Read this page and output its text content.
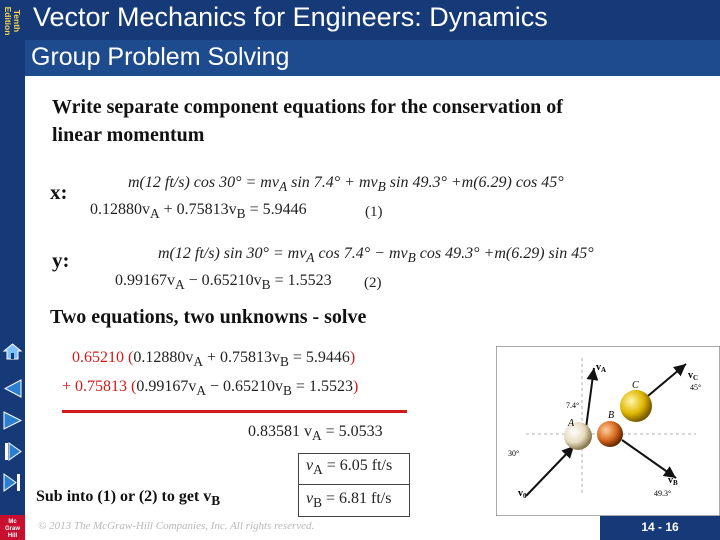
Tenth Edition
Mc
Graw
Hill
Vector Mechanics for Engineers: Dynamics
Group Problem Solving
Write separate component equations for the conservation of
linear momentum
x:	m(12 ft/s) $\cos 30^\circ = mv_A$ $\sin 7.4^\circ + mv_B$ sin 49.3° +m(6.29) cos 45°
$0.12880v_A + 0.75813v_B = 5.9446$	(1)
y:	m(12 ft/s) $\sin 30^\circ = mv_A$ $\cos 7.4^\circ - mv_B$ cos 49.3° +m(6.29) sin 45°
$0.99167v_A - 0.65210v_B = 1.5523$ (2)
Two equations, two unknowns - solve
0.65210 $(0.12880v_A + 0.75813v_B = 5.9446)$
+ 0.75813 $(0.99167v_A - 0.65210v_B = 1.5523)$
0.83581 $v_A = 5.0533$
$v_A = 6.05$ ft/s
$v_B = 6.81$ ft/s
Sub into (1) or (2) to get $v_B$
$v_A$	$v_C$
$v_B$
$v_0$
C
B
A
7.4°
45°
30°
49.3°
© 2013 The McGraw-Hill Companies, Inc. All rights reserved.	14 - 16
